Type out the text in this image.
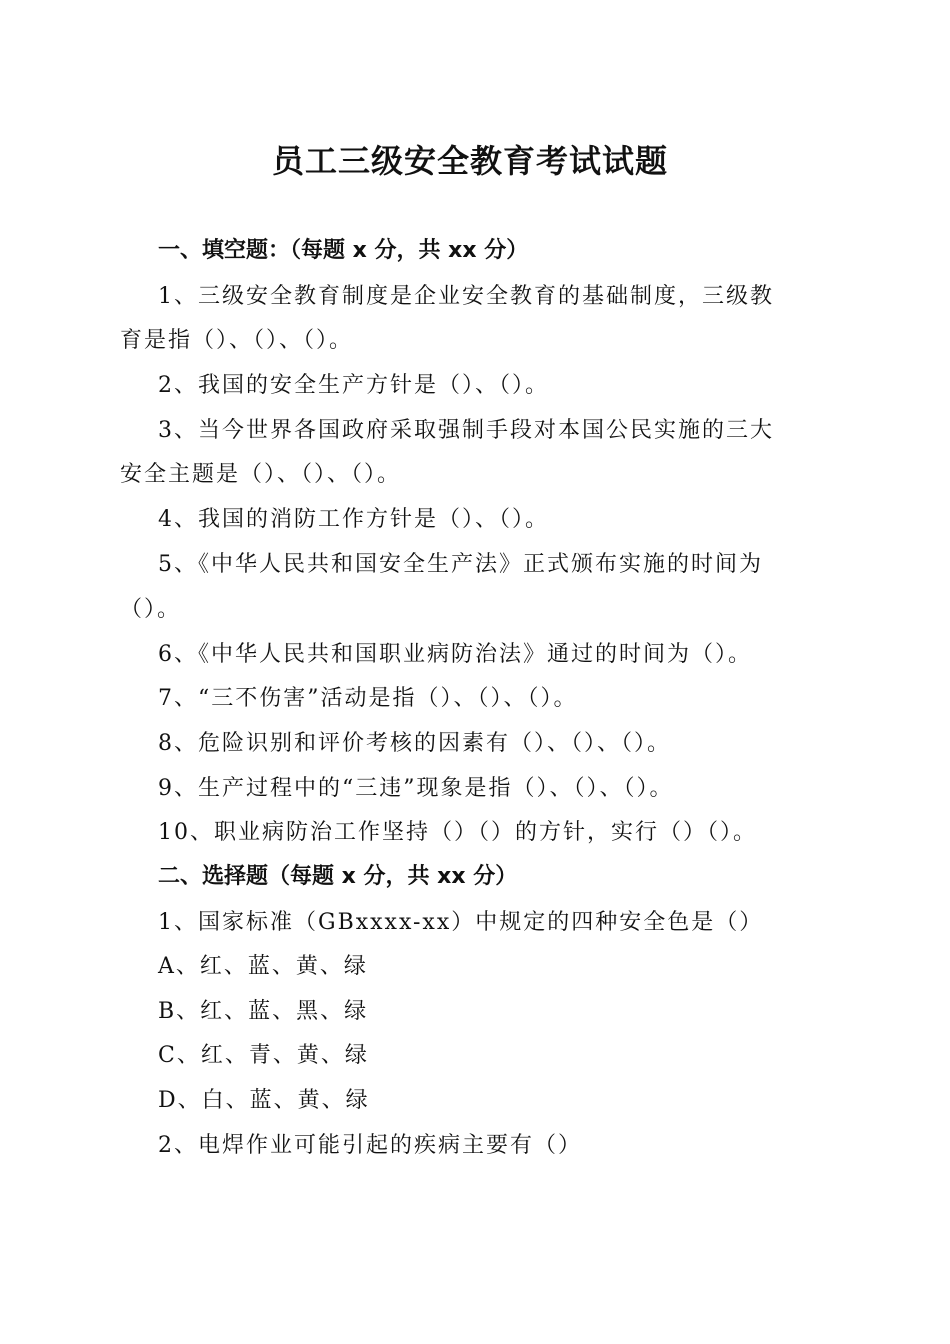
员工三级安全教育考试试题
一、填空题：（每题 x 分，共 xx 分）
1、三级安全教育制度是企业安全教育的基础制度，三级教
育是指（）、（）、（）。
2、我国的安全生产方针是（）、（）。
3、当今世界各国政府采取强制手段对本国公民实施的三大
安全主题是（）、（）、（）。
4、我国的消防工作方针是（）、（）。
5、《中华人民共和国安全生产法》正式颁布实施的时间为
（）。
6、《中华人民共和国职业病防治法》通过的时间为（）。
7、“三不伤害”活动是指（）、（）、（）。
8、危险识别和评价考核的因素有（）、（）、（）。
9、生产过程中的“三违”现象是指（）、（）、（）。
10、职业病防治工作坚持（）（）的方针，实行（）（）。
二、选择题（每题 x 分，共 xx 分）
1、国家标准（GBxxxx-xx）中规定的四种安全色是（）
A、红、蓝、黄、绿
B、红、蓝、黑、绿
C、红、青、黄、绿
D、白、蓝、黄、绿
2、电焊作业可能引起的疾病主要有（）
